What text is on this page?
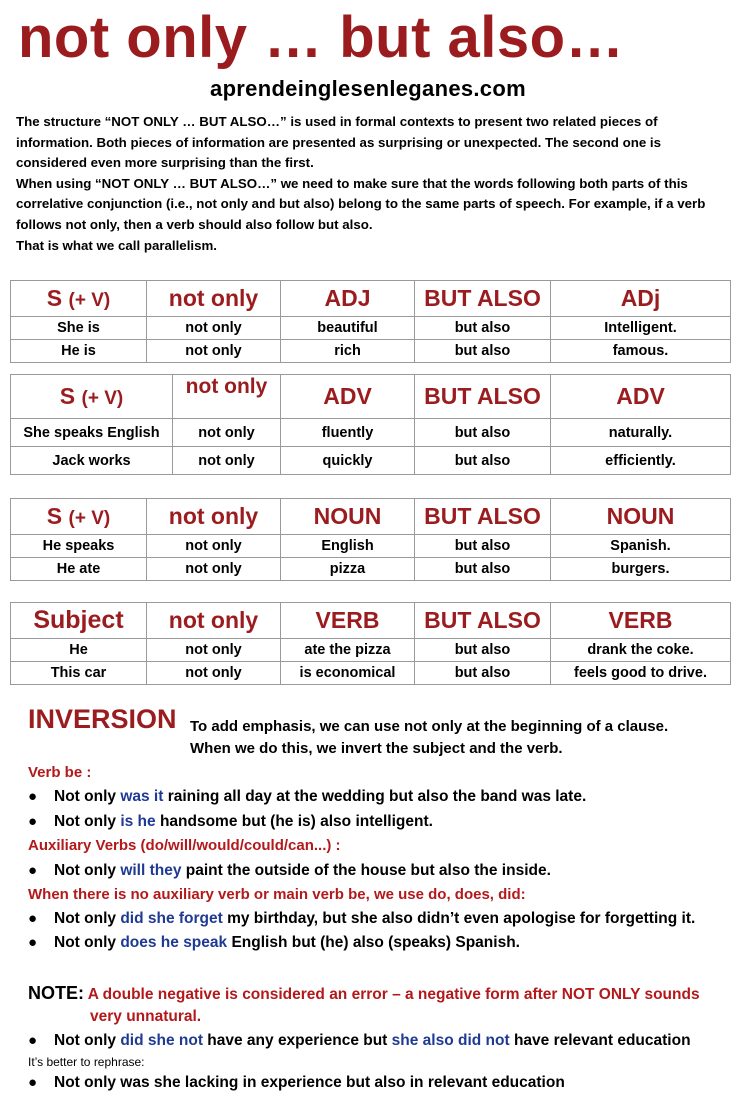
not only … but also…
aprendeinglesenleganes.com

The structure “NOT ONLY … BUT ALSO…” is used in formal contexts to present two related pieces of information. Both pieces of information are presented as surprising or unexpected. The second one is considered even more surprising than the first.

When using “NOT ONLY … BUT ALSO…” we need to make sure that the words following both parts of this correlative conjunction (i.e., not only and but also) belong to the same parts of speech. For example, if a verb follows not only, then a verb should also follow but also.

That is what we call parallelism.

S (+ V)	not only	ADJ	BUT ALSO	ADj
She is	not only	beautiful	but also	Intelligent.
He is	not only	rich	but also	famous.
S (+ V)	not only	ADV	BUT ALSO	ADV
She speaks English	not only	fluently	but also	naturally.
Jack works	not only	quickly	but also	efficiently.
S (+ V)	not only	NOUN	BUT ALSO	NOUN
He speaks	not only	English	but also	Spanish.
He ate	not only	pizza	but also	burgers.
Subject	not only	VERB	BUT ALSO	VERB
He	not only	ate the pizza	but also	drank the coke.
This car	not only	is economical	but also	feels good to drive.
INVERSION To add emphasis, we can use not only at the beginning of a clause.
When we do this, we invert the subject and the verb.
Verb be :
● Not only was it raining all day at the wedding but also the band was late.
● Not only is he handsome but (he is) also intelligent.
Auxiliary Verbs (do/will/would/could/can...) :
● Not only will they paint the outside of the house but also the inside.
When there is no auxiliary verb or main verb be, we use do, does, did:
● Not only did she forget my birthday, but she also didn’t even apologise for forgetting it.
● Not only does he speak English but (he) also (speaks) Spanish.
NOTE: A double negative is considered an error – a negative form after NOT ONLY sounds
very unnatural.
● Not only did she not have any experience but she also did not have relevant education
It’s better to rephrase:
● Not only was she lacking in experience but also in relevant education
